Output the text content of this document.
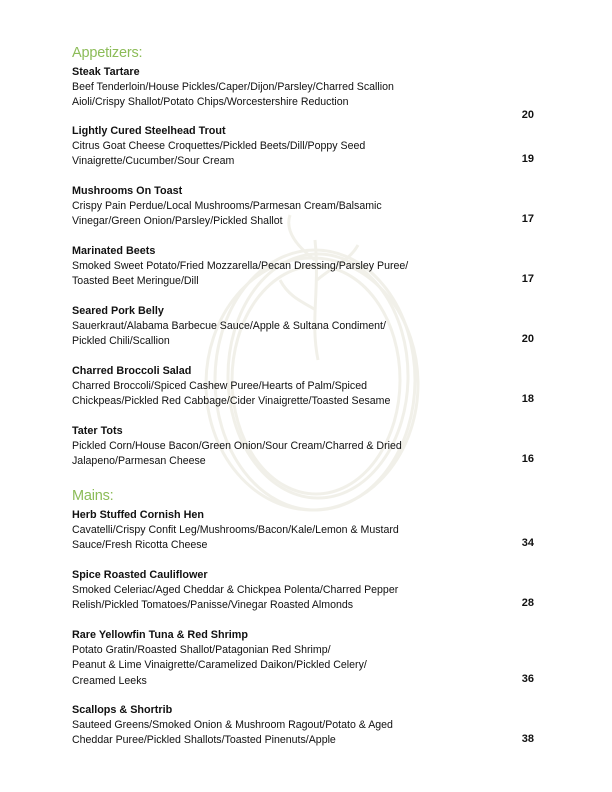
Appetizers:
Steak Tartare
Beef Tenderloin/House Pickles/Caper/Dijon/Parsley/Charred Scallion
Aioli/Crispy Shallot/Potato Chips/Worcestershire Reduction
20
Lightly Cured Steelhead Trout
Citrus Goat Cheese Croquettes/Pickled Beets/Dill/Poppy Seed
Vinaigrette/Cucumber/Sour Cream	19
Mushrooms On Toast
Crispy Pain Perdue/Local Mushrooms/Parmesan Cream/Balsamic
Vinegar/Green Onion/Parsley/Pickled Shallot	17
Marinated Beets
Smoked Sweet Potato/Fried Mozzarella/Pecan Dressing/Parsley Puree/
Toasted Beet Meringue/Dill	17
Seared Pork Belly
Sauerkraut/Alabama Barbecue Sauce/Apple & Sultana Condiment/
Pickled Chili/Scallion	20
Charred Broccoli Salad
Charred Broccoli/Spiced Cashew Puree/Hearts of Palm/Spiced
Chickpeas/Pickled Red Cabbage/Cider Vinaigrette/Toasted Sesame	18
Tater Tots
Pickled Corn/House Bacon/Green Onion/Sour Cream/Charred & Dried
Jalapeno/Parmesan Cheese	16
Mains:
Herb Stuffed Cornish Hen
Cavatelli/Crispy Confit Leg/Mushrooms/Bacon/Kale/Lemon & Mustard
Sauce/Fresh Ricotta Cheese	34
Spice Roasted Cauliflower
Smoked Celeriac/Aged Cheddar & Chickpea Polenta/Charred Pepper
Relish/Pickled Tomatoes/Panisse/Vinegar Roasted Almonds	28
Rare Yellowfin Tuna & Red Shrimp
Potato Gratin/Roasted Shallot/Patagonian Red Shrimp/
Peanut & Lime Vinaigrette/Caramelized Daikon/Pickled Celery/
Creamed Leeks	36
Scallops & Shortrib
Sauteed Greens/Smoked Onion & Mushroom Ragout/Potato & Aged
Cheddar Puree/Pickled Shallots/Toasted Pinenuts/Apple	38
